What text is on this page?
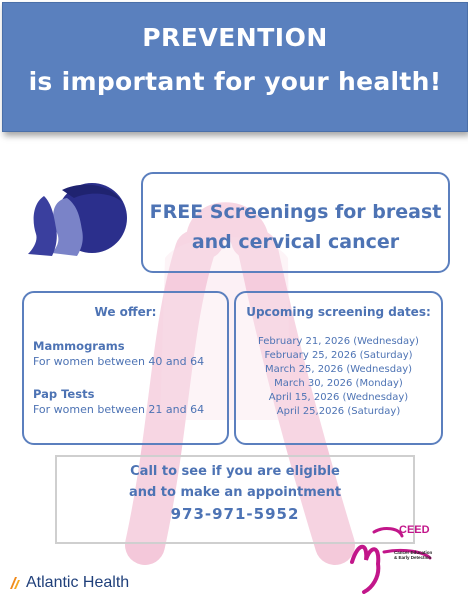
PREVENTION
is important for your health!
FREE Screenings for breast
and cervical cancer
We offer:
Mammograms
For women between 40 and 64
Pap Tests
For women between 21 and 64
Upcoming screening dates:
February 21, 2026 (Wednesday)
February 25, 2026 (Saturday)
March 25, 2026 (Wednesday)
March 30, 2026 (Monday)
April 15, 2026 (Wednesday)
April 25,2026 (Saturday)
Call to see if you are eligible
and to make an appointment
973-971-5952
Atlantic Health
CEED
Cancer Education & Early Detection
